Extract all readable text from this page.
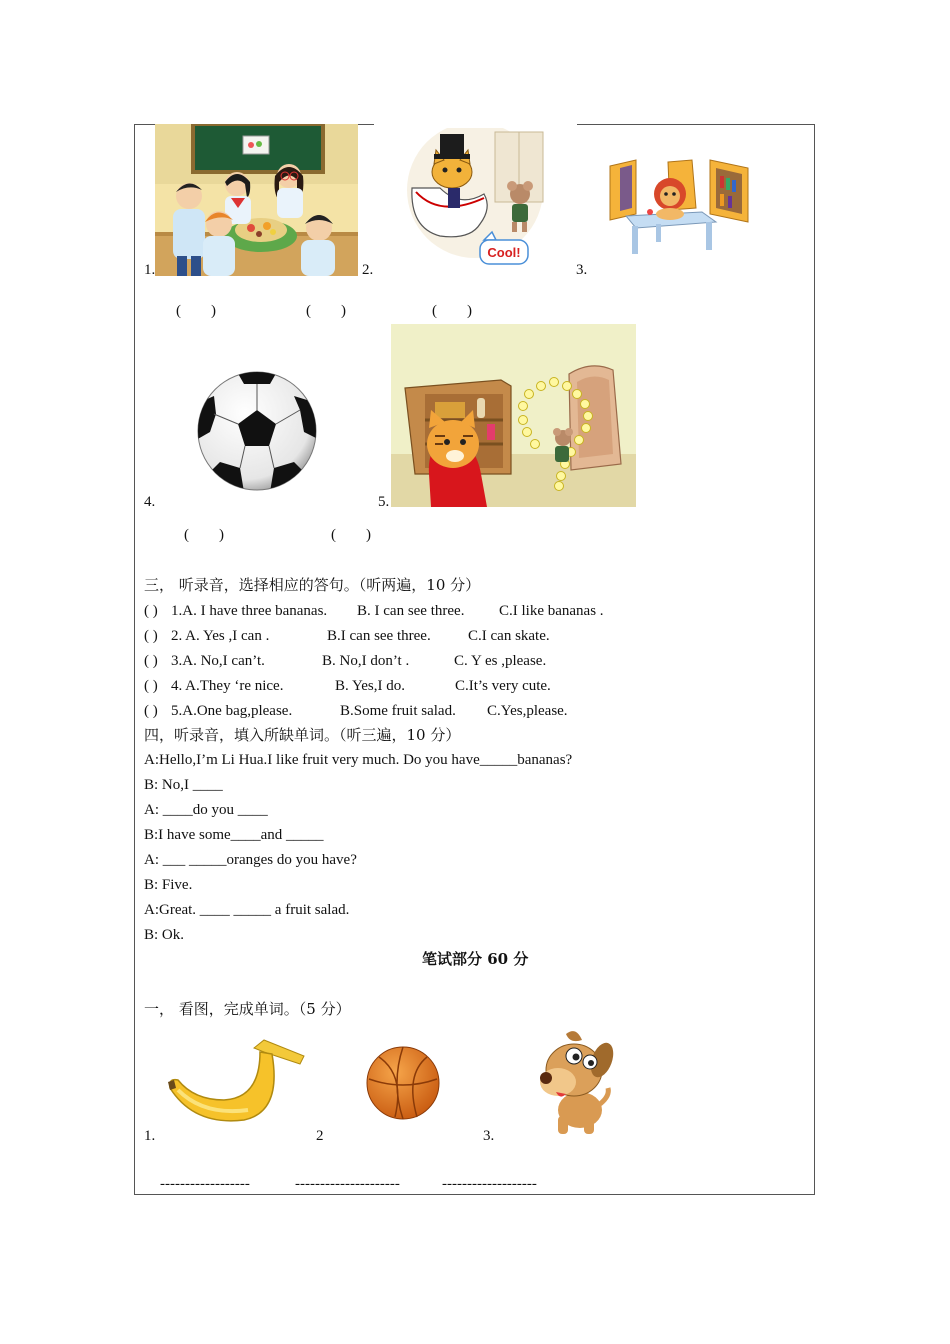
1.
Cool!
2.	3.
(        )	(        )	(        )
4.	5.
(        )	(        )
三， 听录音，选择相应的答句。（听两遍，10 分）
( ) 1.A. I have three bananas. B. I can see three. C.I like bananas .
( ) 2. A. Yes ,I can .	B.I can see three. C.I can skate.
( ) 3.A. No,I can’t.	B. No,I don’t .	C. Y es ,please.
( ) 4. A.They ‘re nice.	B. Yes,I do.	C.It’s very cute.
( ) 5.A.One bag,please.	B.Some fruit salad. C.Yes,please.
四，听录音，填入所缺单词。（听三遍，10 分）
A:Hello,I’m Li Hua.I like fruit very much. Do you have_____bananas?
B: No,I ____
A: ____do you ____
B:I have some____and _____
A: ___ _____oranges do you have?
B: Five.
A:Great. ____ _____ a fruit salad.
B: Ok.
笔试部分 60 分
一， 看图，完成单词。（5 分）
1.	2	3.
------------------	---------------------	-------------------
